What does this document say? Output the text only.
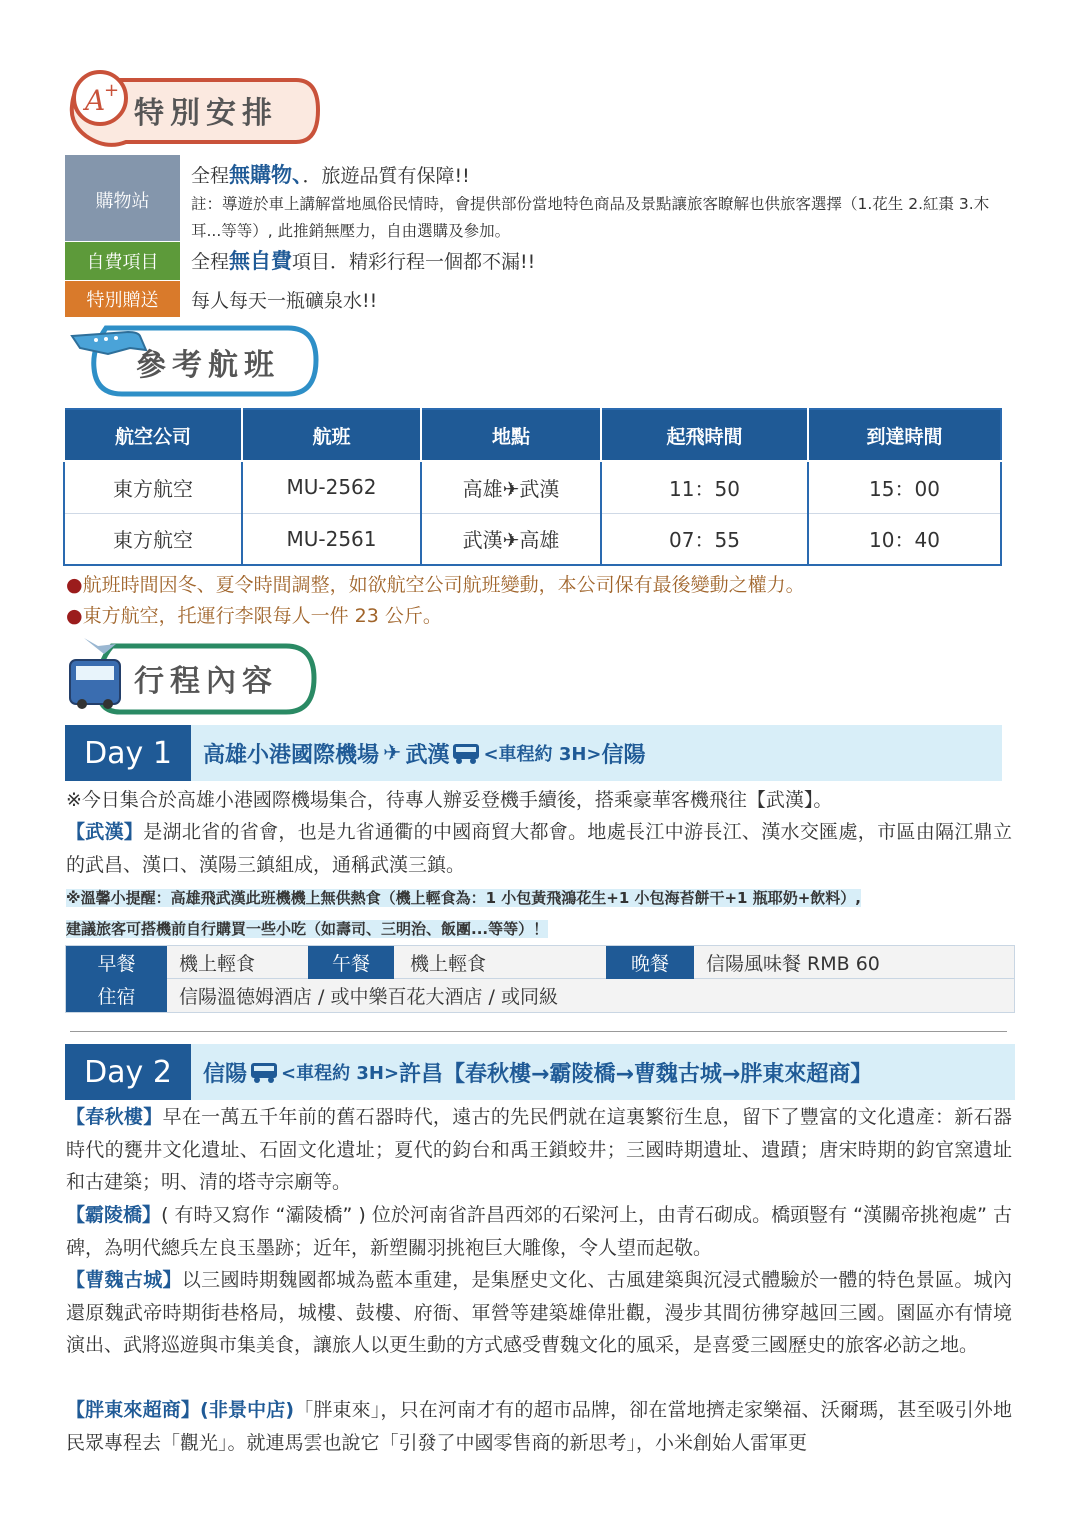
A
+
特別安排
購物站
全程無購物、．旅遊品質有保障!!
註：導遊於車上講解當地風俗民情時，會提供部份當地特色商品及景點讓旅客瞭解也供旅客選擇（1.花生 2.紅棗 3.木耳...等等）, 此推銷無壓力，自由選購及參加。
自費項目	全程無自費項目．精彩行程一個都不漏!!
特別贈送	每人每天一瓶礦泉水!!
參考航班
航空公司	航班	地點	起飛時間	到達時間
東方航空	MU-2562	高雄✈武漢	11：50	15：00
東方航空	MU-2561	武漢✈高雄	07：55	10：40
●航班時間因冬、夏令時間調整，如欲航空公司航班變動，本公司保有最後變動之權力。
●東方航空，托運行李限每人一件 23 公斤。
行程內容
Day 1	高雄小港國際機場 ✈ 武漢 <車程約 3H> 信陽
※今日集合於高雄小港國際機場集合，待專人辦妥登機手續後，搭乘豪華客機飛往【武漢】。
【武漢】是湖北省的省會，也是九省通衢的中國商貿大都會。地處長江中游長江、漢水交匯處，市區由隔江鼎立的武昌、漢口、漢陽三鎮組成，通稱武漢三鎮。
※溫馨小提醒：高雄飛武漢此班機機上無供熱食（機上輕食為：1 小包黃飛鴻花生+1 小包海苔餅干+1 瓶耶奶+飲料）,
建議旅客可搭機前自行購買一些小吃（如壽司、三明治、飯團...等等）！
早餐	機上輕食	午餐	機上輕食	晚餐	信陽風味餐 RMB 60
住宿	信陽溫德姆酒店 / 或中樂百花大酒店 / 或同級
Day 2	信陽 <車程約 3H> 許昌【春秋樓→霸陵橋→曹魏古城→胖東來超商】
【春秋樓】早在一萬五千年前的舊石器時代，遠古的先民們就在這裏繁衍生息，留下了豐富的文化遺產：新石器時代的甕井文化遺址、石固文化遺址；夏代的鈞台和禹王鎖蛟井；三國時期遺址、遺蹟；唐宋時期的鈞官窯遺址和古建築；明、清的塔寺宗廟等。
【霸陵橋】( 有時又寫作 “灞陵橋” ) 位於河南省許昌西郊的石梁河上，由青石砌成。橋頭豎有 “漢關帝挑袍處” 古碑，為明代總兵左良玉墨跡；近年，新塑關羽挑袍巨大雕像，令人望而起敬。
【曹魏古城】以三國時期魏國都城為藍本重建，是集歷史文化、古風建築與沉浸式體驗於一體的特色景區。城內還原魏武帝時期街巷格局，城樓、鼓樓、府衙、軍營等建築雄偉壯觀，漫步其間彷彿穿越回三國。園區亦有情境演出、武將巡遊與市集美食，讓旅人以更生動的方式感受曹魏文化的風采，是喜愛三國歷史的旅客必訪之地。
【胖東來超商】(非景中店)「胖東來」，只在河南才有的超市品牌，卻在當地擠走家樂福、沃爾瑪，甚至吸引外地民眾專程去「觀光」。就連馬雲也說它「引發了中國零售商的新思考」，小米創始人雷軍更
